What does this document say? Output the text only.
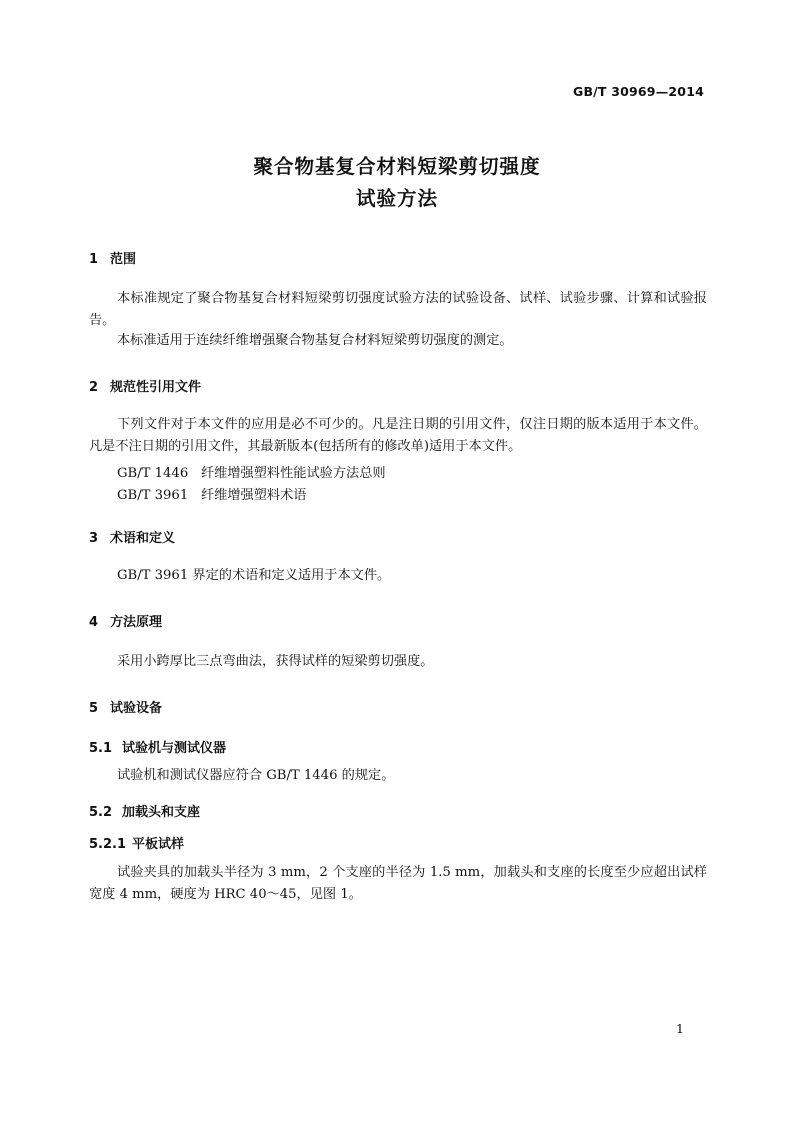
GB/T 30969—2014
聚合物基复合材料短梁剪切强度
试验方法
1 范围
本标准规定了聚合物基复合材料短梁剪切强度试验方法的试验设备、试样、试验步骤、计算和试验报告。
本标准适用于连续纤维增强聚合物基复合材料短梁剪切强度的测定。
2 规范性引用文件
下列文件对于本文件的应用是必不可少的。凡是注日期的引用文件，仅注日期的版本适用于本文件。凡是不注日期的引用文件，其最新版本(包括所有的修改单)适用于本文件。
GB/T 1446 纤维增强塑料性能试验方法总则
GB/T 3961 纤维增强塑料术语
3 术语和定义
GB/T 3961 界定的术语和定义适用于本文件。
4 方法原理
采用小跨厚比三点弯曲法，获得试样的短梁剪切强度。
5 试验设备
5.1 试验机与测试仪器
试验机和测试仪器应符合 GB/T 1446 的规定。
5.2 加载头和支座
5.2.1 平板试样
试验夹具的加载头半径为 3 mm，2 个支座的半径为 1.5 mm，加载头和支座的长度至少应超出试样宽度 4 mm，硬度为 HRC 40～45，见图 1。
1
